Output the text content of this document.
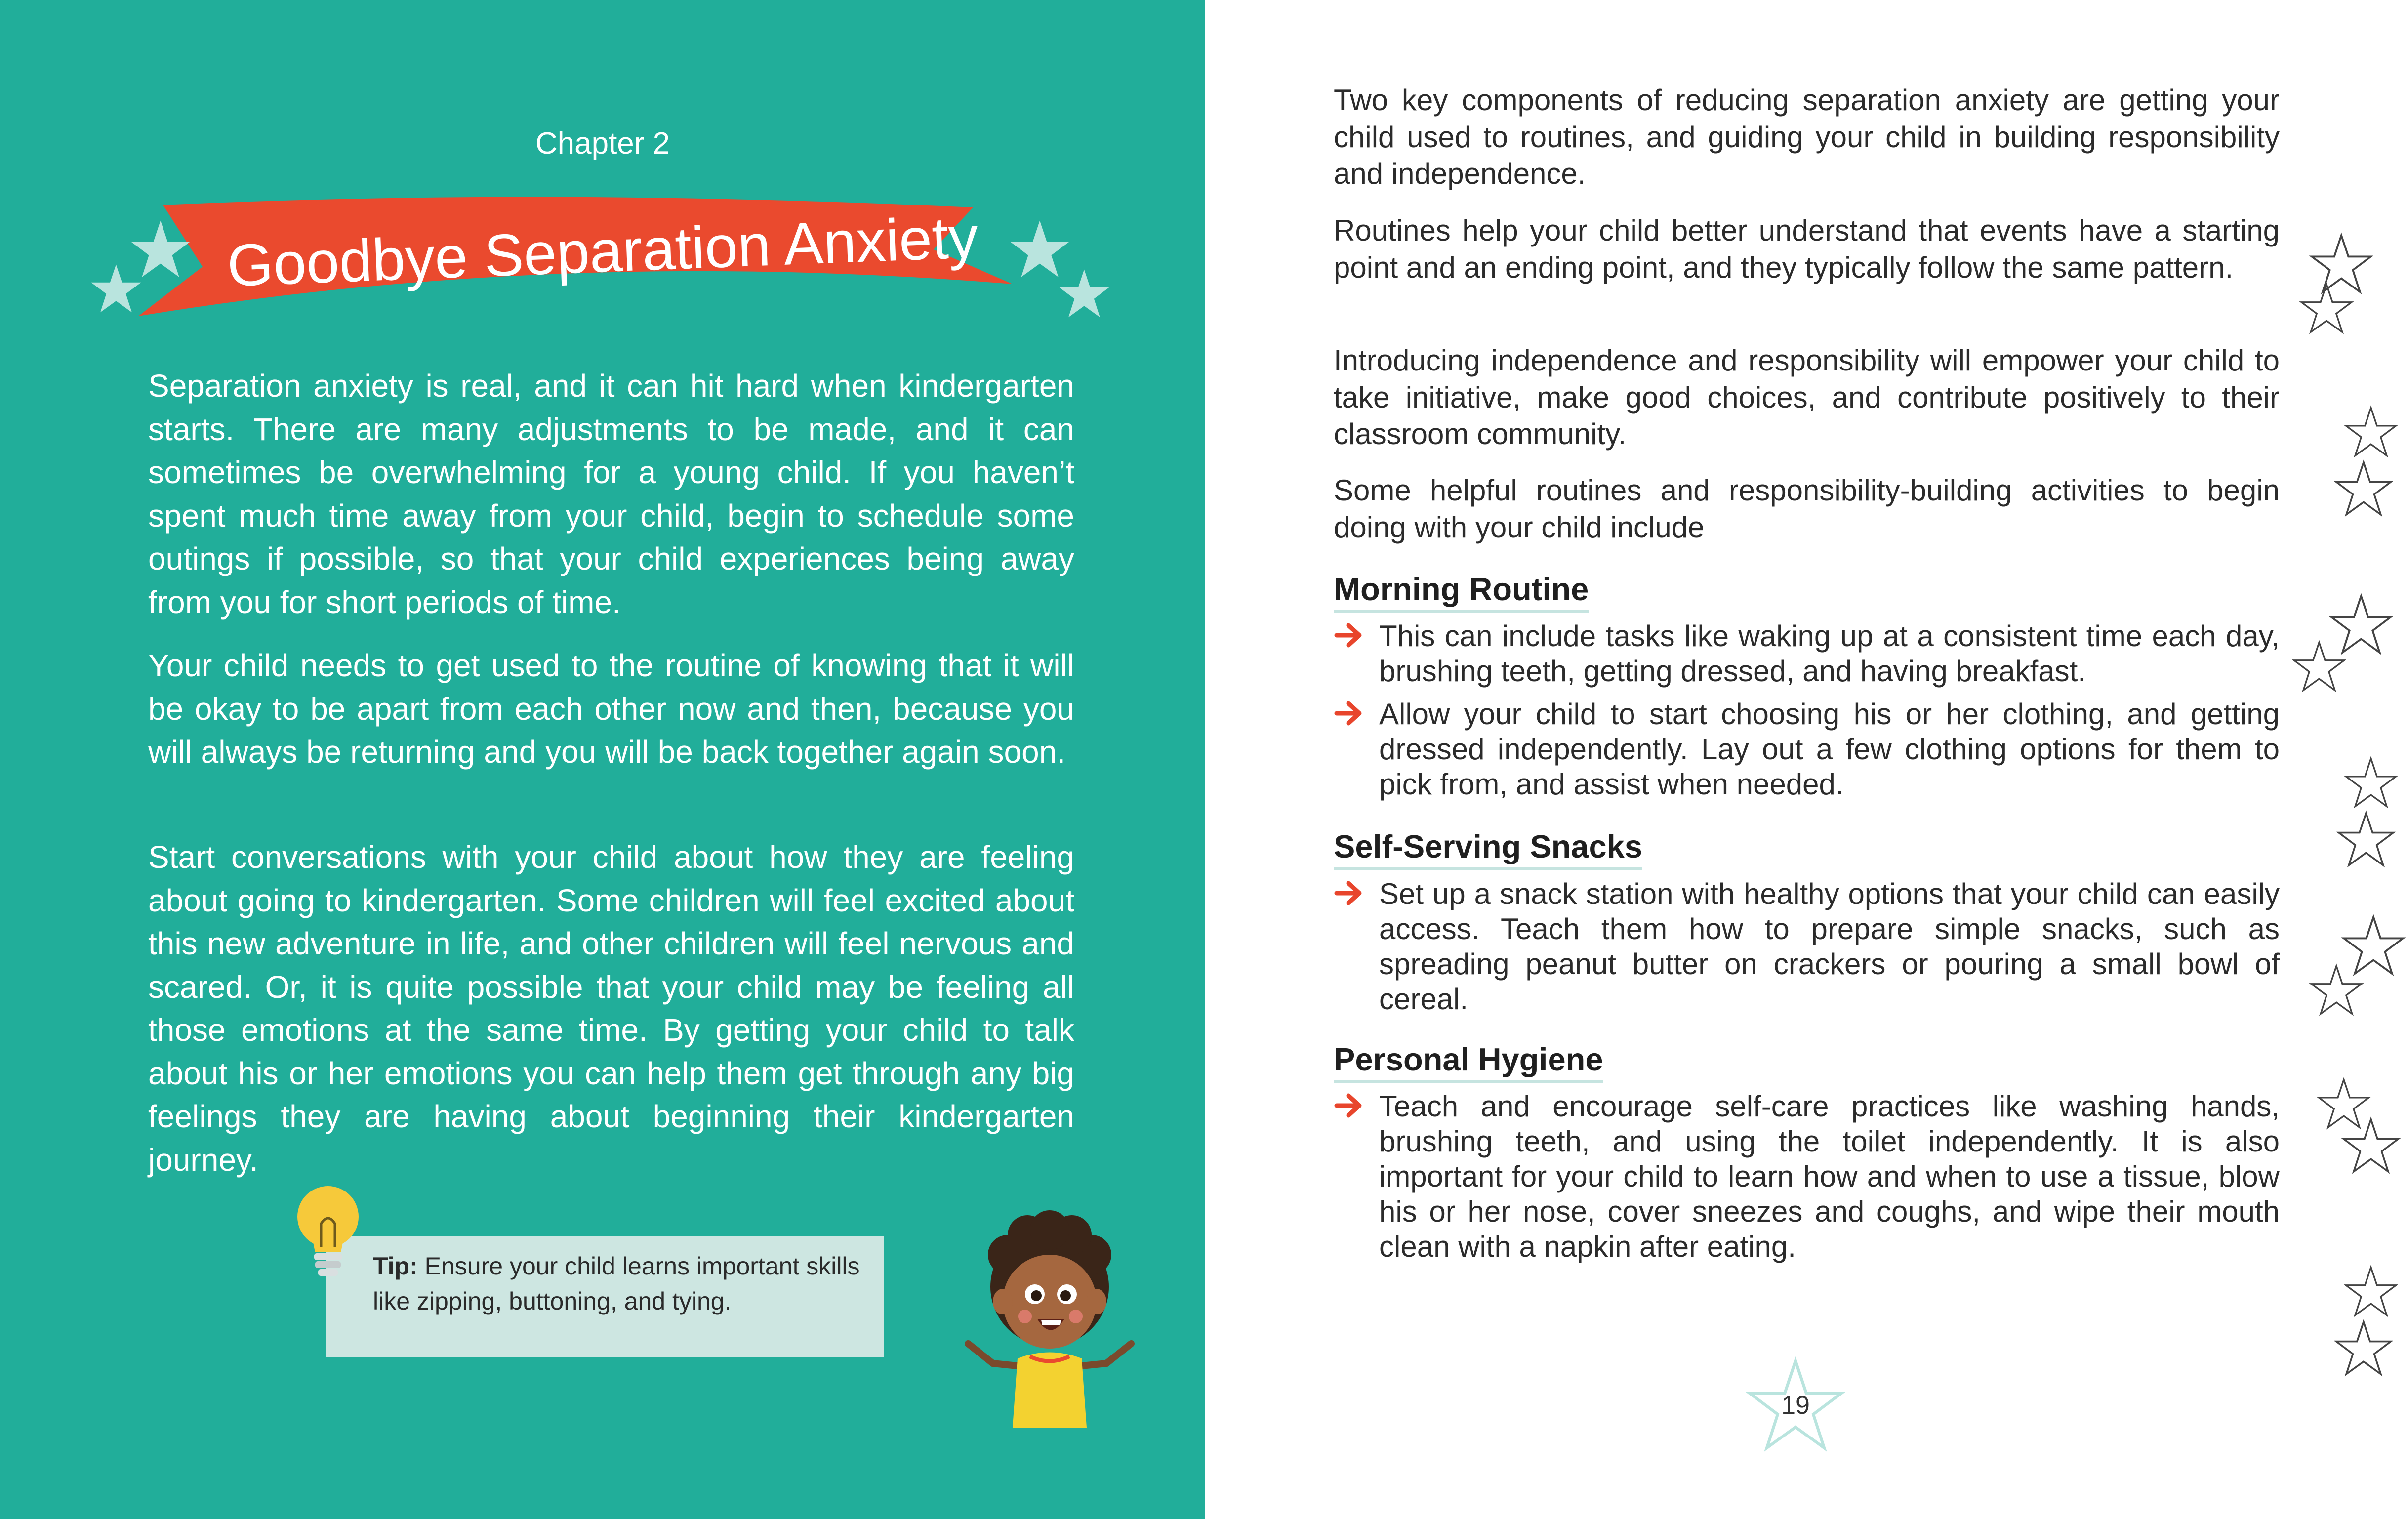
Chapter 2
Goodbye Separation Anxiety

Separation anxiety is real, and it can hit hard when kindergarten starts. There are many adjustments to be made, and it can sometimes be overwhelming for a young child. If you haven’t spent much time away from your child, begin to schedule some outings if possible, so that your child experiences being away from you for short periods of time.

Your child needs to get used to the routine of knowing that it will be okay to be apart from each other now and then, because you will always be returning and you will be back together again soon.

Start conversations with your child about how they are feeling about going to kindergarten. Some children will feel excited about this new adventure in life, and other children will feel nervous and scared. Or, it is quite possible that your child may be feeling all those emotions at the same time. By getting your child to talk about his or her emotions you can help them get through any big feelings they are having about beginning their kindergarten journey.

Tip: Ensure your child learns important skills like zipping, buttoning, and tying.

Two key components of reducing separation anxiety are getting your child used to routines, and guiding your child in building responsibility and independence.

Routines help your child better understand that events have a starting point and an ending point, and they typically follow the same pattern.

Introducing independence and responsibility will empower your child to take initiative, make good choices, and contribute positively to their classroom community.

Some helpful routines and responsibility-building activities to begin doing with your child include

Morning Routine

This can include tasks like waking up at a consistent time each day, brushing teeth, getting dressed, and having breakfast.

Allow your child to start choosing his or her clothing, and getting dressed independently. Lay out a few clothing options for them to pick from, and assist when needed.

Self-Serving Snacks

Set up a snack station with healthy options that your child can easily access. Teach them how to prepare simple snacks, such as spreading peanut butter on crackers or pouring a small bowl of cereal.

Personal Hygiene

Teach and encourage self-care practices like washing hands, brushing teeth, and using the toilet independently. It is also important for your child to learn how and when to use a tissue, blow his or her nose, cover sneezes and coughs, and wipe their mouth clean with a napkin after eating.

19
